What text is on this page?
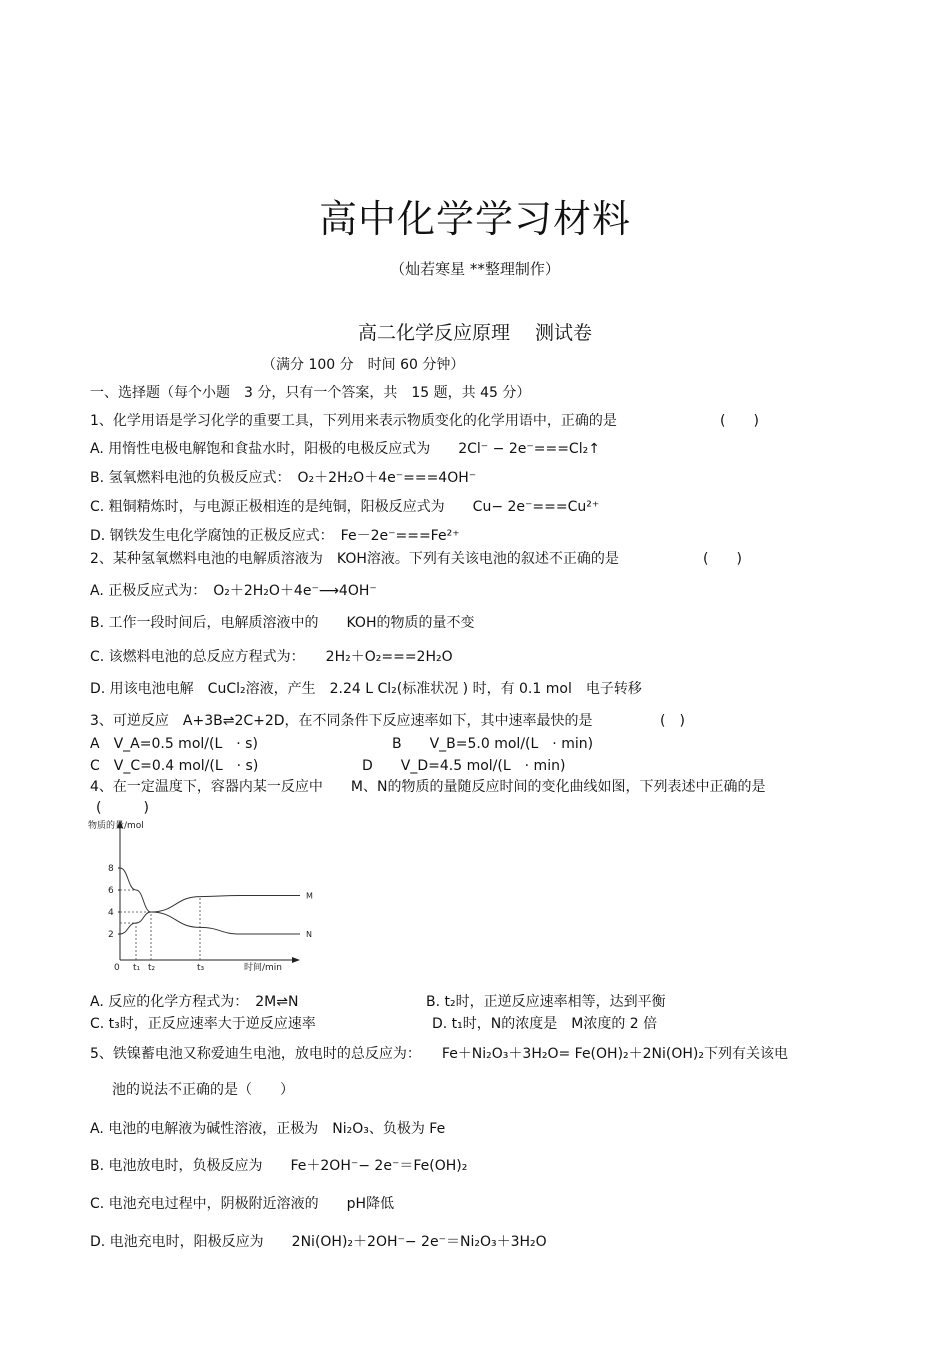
高中化学学习材料
（灿若寒星 **整理制作）
高二化学反应原理　 测试卷
（满分 100 分　时间 60 分钟）
一、选择题（每个小题　3 分，只有一个答案，共　15 题，共 45 分）
1、化学用语是学习化学的重要工具，下列用来表示物质变化的化学用语中，正确的是	(　　)
A. 用惰性电极电解饱和食盐水时，阳极的电极反应式为　　2Cl⁻ − 2e⁻===Cl₂↑
B. 氢氧燃料电池的负极反应式：　O₂＋2H₂O＋4e⁻===4OH⁻
C. 粗铜精炼时，与电源正极相连的是纯铜，阳极反应式为　　Cu− 2e⁻===Cu²⁺
D. 钢铁发生电化学腐蚀的正极反应式：　Fe－2e⁻===Fe²⁺
2、某种氢氧燃料电池的电解质溶液为　KOH溶液。下列有关该电池的叙述不正确的是	(　　)
A. 正极反应式为：　O₂＋2H₂O＋4e⁻⟶4OH⁻
B. 工作一段时间后，电解质溶液中的　　KOH的物质的量不变
C. 该燃料电池的总反应方程式为：　　2H₂＋O₂===2H₂O
D. 用该电池电解　CuCl₂溶液，产生　2.24 L Cl₂(标准状况 ) 时，有 0.1 mol　电子转移
3、可逆反应　A+3B⇌2C+2D，在不同条件下反应速率如下，其中速率最快的是	(　)
A　V_A=0.5 mol/(L　· s)	B　　V_B=5.0 mol/(L　· min)
C　V_C=0.4 mol/(L　· s)	D　　V_D=4.5 mol/(L　· min)
4、在一定温度下，容器内某一反应中　　M、N的物质的量随反应时间的变化曲线如图，下列表述中正确的是
(　　　)
物质的量/mol
时间/min
0
8
6
4
2
t₁ t₂	t₃
M
N
A. 反应的化学方程式为：　2M⇌N	B. t₂时，正逆反应速率相等，达到平衡
C. t₃时，正反应速率大于逆反应速率	D. t₁时，N的浓度是　M浓度的 2 倍
5、铁镍蓄电池又称爱迪生电池，放电时的总反应为：　　Fe＋Ni₂O₃＋3H₂O= Fe(OH)₂＋2Ni(OH)₂下列有关该电
池的说法不正确的是（　　）
A. 电池的电解液为碱性溶液，正极为　Ni₂O₃、负极为 Fe
B. 电池放电时，负极反应为　　Fe＋2OH⁻− 2e⁻＝Fe(OH)₂
C. 电池充电过程中，阴极附近溶液的　　pH降低
D. 电池充电时，阳极反应为　　2Ni(OH)₂＋2OH⁻− 2e⁻＝Ni₂O₃＋3H₂O
